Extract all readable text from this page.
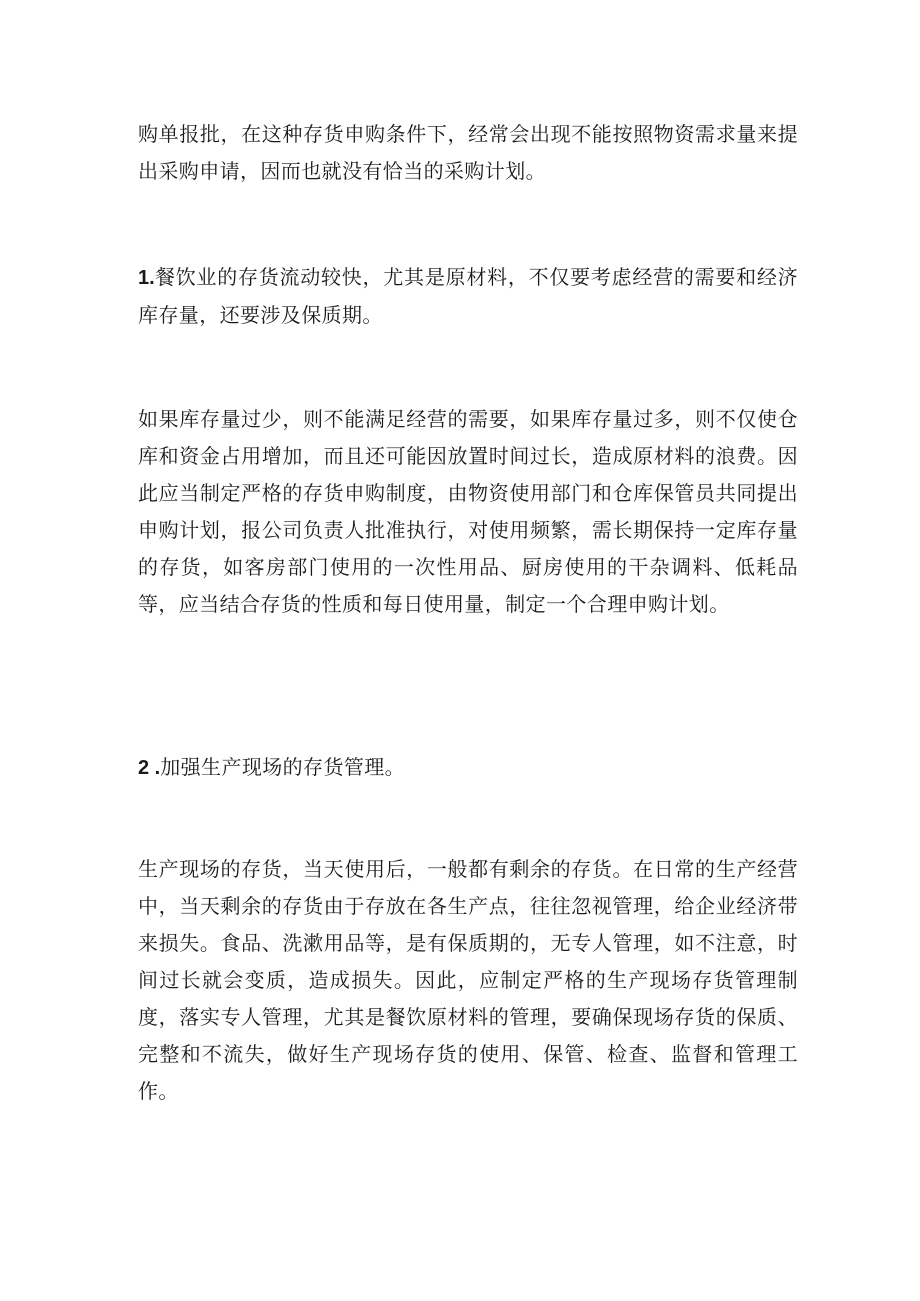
购单报批，在这种存货申购条件下，经常会出现不能按照物资需求量来提出采购申请，因而也就没有恰当的采购计划。

1.餐饮业的存货流动较快，尤其是原材料，不仅要考虑经营的需要和经济库存量，还要涉及保质期。

如果库存量过少，则不能满足经营的需要，如果库存量过多，则不仅使仓库和资金占用增加，而且还可能因放置时间过长，造成原材料的浪费。因此应当制定严格的存货申购制度，由物资使用部门和仓库保管员共同提出申购计划，报公司负责人批准执行，对使用频繁，需长期保持一定库存量的存货，如客房部门使用的一次性用品、厨房使用的干杂调料、低耗品等，应当结合存货的性质和每日使用量，制定一个合理申购计划。

2 .加强生产现场的存货管理。

生产现场的存货，当天使用后，一般都有剩余的存货。在日常的生产经营中，当天剩余的存货由于存放在各生产点，往往忽视管理，给企业经济带来损失。食品、洗漱用品等，是有保质期的，无专人管理，如不注意，时间过长就会变质，造成损失。因此，应制定严格的生产现场存货管理制度，落实专人管理，尤其是餐饮原材料的管理，要确保现场存货的保质、完整和不流失，做好生产现场存货的使用、保管、检查、监督和管理工作。
